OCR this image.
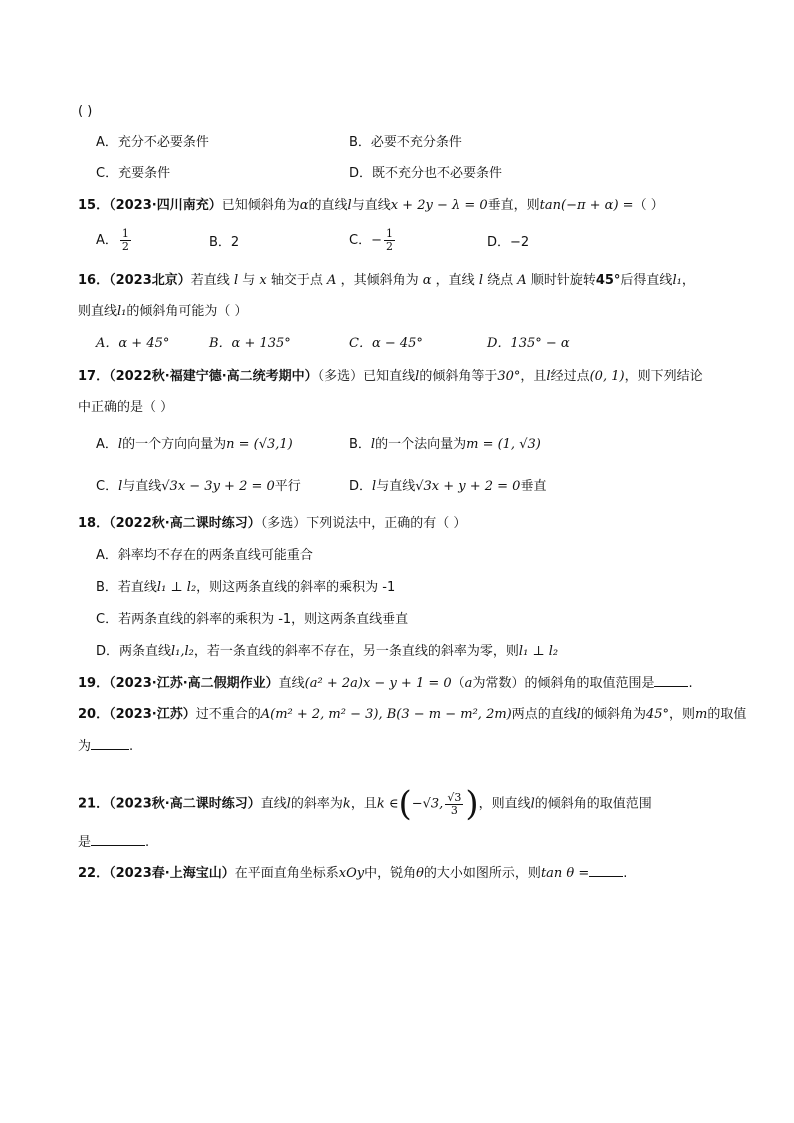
( )
A．充分不必要条件	B．必要不充分条件
C．充要条件	D．既不充分也不必要条件
15．（2023·四川南充）已知倾斜角为α的直线l与直线x + 2y − λ = 0垂直，则tan(−π + α) =（ ）
A． $\frac{1}{2}$	B．2	C．− $\frac{1}{2}$	D．−2
16．（2023北京）若直线 l 与 x 轴交于点 A ，其倾斜角为 α ，直线 l 绕点 A 顺时针旋转45°后得直线l₁，
则直线l₁的倾斜角可能为（ ）
A．α + 45°	B．α + 135°	C．α − 45°	D．135° − α
17．（2022秋·福建宁德·高二统考期中）（多选）已知直线l的倾斜角等于30°，且l经过点(0, 1)，则下列结论
中正确的是（ ）
A．l的一个方向向量为n = (√3,1)	B．l的一个法向量为m = (1, √3)
C．l与直线√3x − 3y + 2 = 0平行	D．l与直线√3x + y + 2 = 0垂直
18．（2022秋·高二课时练习）（多选）下列说法中，正确的有（ ）
A．斜率均不存在的两条直线可能重合
B．若直线l₁ ⊥ l₂，则这两条直线的斜率的乘积为 -1
C．若两条直线的斜率的乘积为 -1，则这两条直线垂直
D．两条直线l₁,l₂，若一条直线的斜率不存在，另一条直线的斜率为零，则l₁ ⊥ l₂
19．（2023·江苏·高二假期作业）直线(a² + 2a)x − y + 1 = 0（a为常数）的倾斜角的取值范围是	.
20．（2023·江苏）过不重合的A(m² + 2, m² − 3), B(3 − m − m², 2m)两点的直线l的倾斜角为45°，则m的取值
为	.
21．（2023秋·高二课时练习）直线l的斜率为k，且k ∈(−√3, $\frac{√3}{3}$ )，则直线l的倾斜角的取值范围
是	.
22．（2023春·上海宝山）在平面直角坐标系xOy中，锐角θ的大小如图所示，则tan θ =	.
